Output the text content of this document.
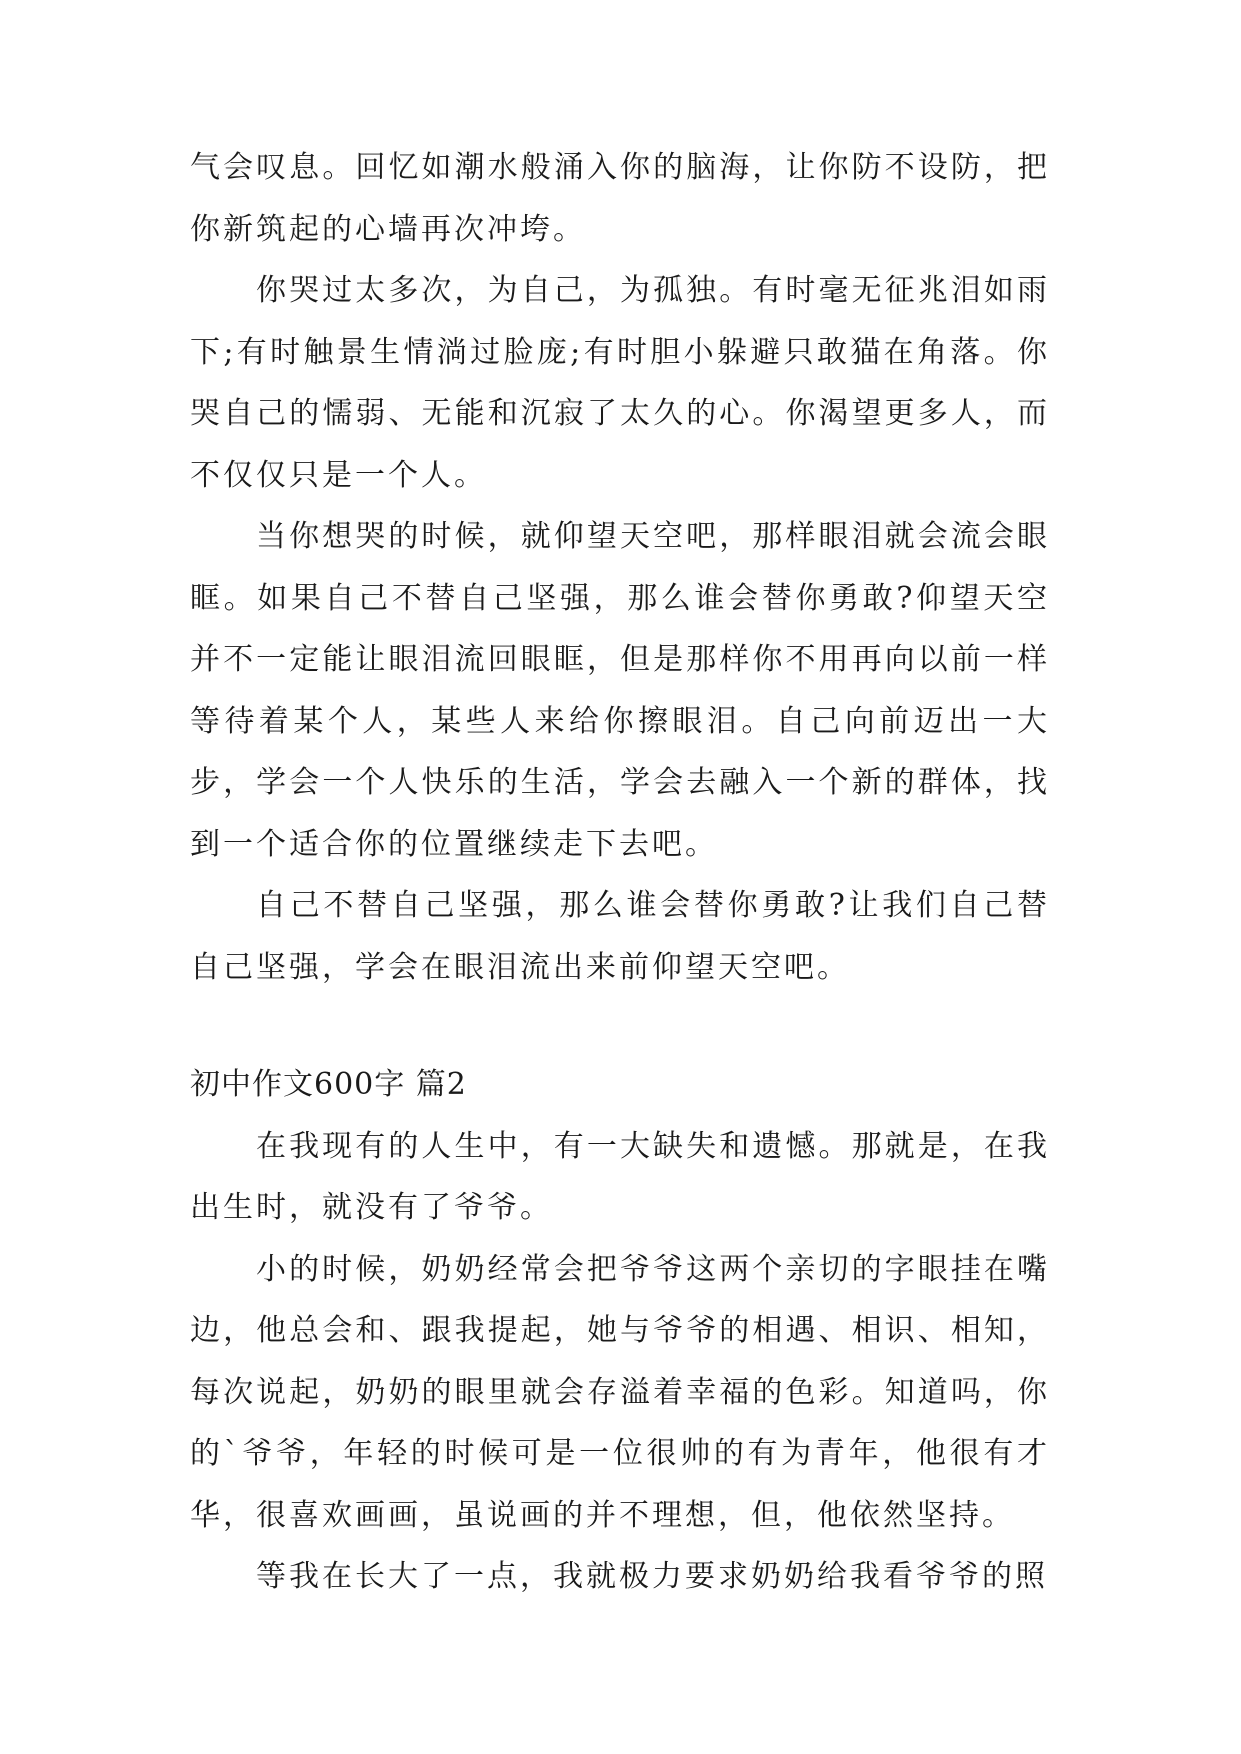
气会叹息。回忆如潮水般涌入你的脑海，让你防不设防，把你新筑起的心墙再次冲垮。

你哭过太多次，为自己，为孤独。有时毫无征兆泪如雨下;有时触景生情淌过脸庞;有时胆小躲避只敢猫在角落。你哭自己的懦弱、无能和沉寂了太久的心。你渴望更多人，而不仅仅只是一个人。

当你想哭的时候，就仰望天空吧，那样眼泪就会流会眼眶。如果自己不替自己坚强，那么谁会替你勇敢?仰望天空并不一定能让眼泪流回眼眶，但是那样你不用再向以前一样等待着某个人，某些人来给你擦眼泪。自己向前迈出一大步，学会一个人快乐的生活，学会去融入一个新的群体，找到一个适合你的位置继续走下去吧。

自己不替自己坚强，那么谁会替你勇敢?让我们自己替自己坚强，学会在眼泪流出来前仰望天空吧。

初中作文600字 篇2

在我现有的人生中，有一大缺失和遗憾。那就是，在我出生时，就没有了爷爷。

小的时候，奶奶经常会把爷爷这两个亲切的字眼挂在嘴边，他总会和、跟我提起，她与爷爷的相遇、相识、相知，每次说起，奶奶的眼里就会存溢着幸福的色彩。知道吗，你的`爷爷，年轻的时候可是一位很帅的有为青年，他很有才华，很喜欢画画，虽说画的并不理想，但，他依然坚持。

等我在长大了一点，我就极力要求奶奶给我看爷爷的照
